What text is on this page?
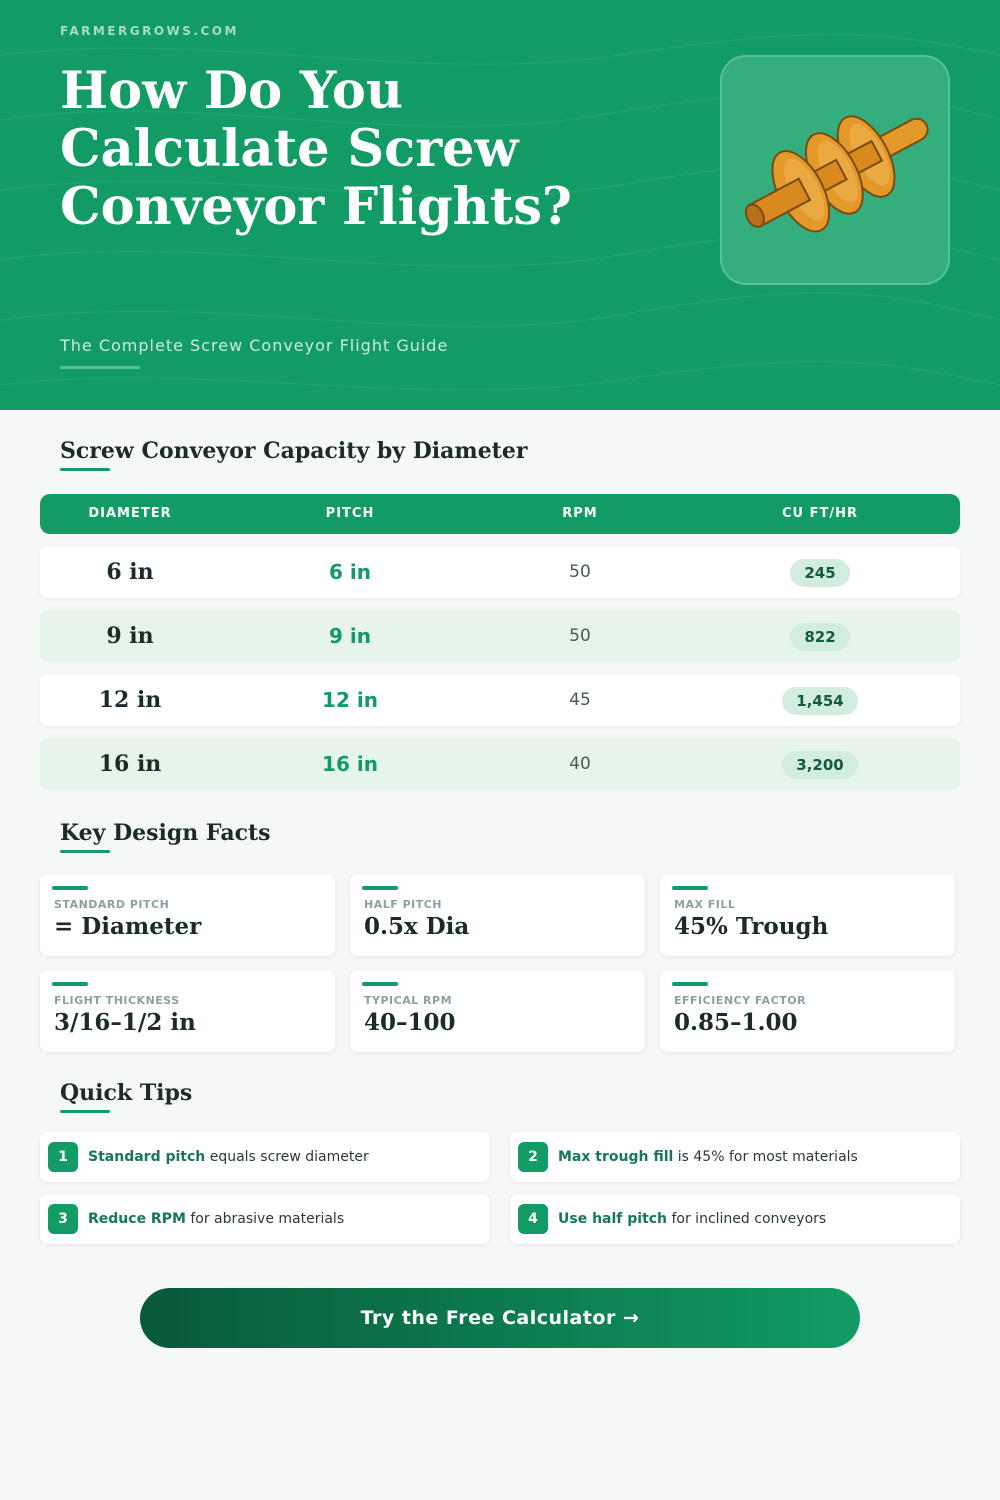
FARMERGROWS.COM
How Do You Calculate Screw Conveyor Flights?
The Complete Screw Conveyor Flight Guide
Screw Conveyor Capacity by Diameter
DIAMETER	PITCH	RPM	CU FT/HR
6 in	6 in	50	245
9 in	9 in	50	822
12 in	12 in	45	1,454
16 in	16 in	40	3,200
Key Design Facts
STANDARD PITCH
= Diameter
HALF PITCH
0.5x Dia
MAX FILL
45% Trough
FLIGHT THICKNESS
3/16–1/2 in
TYPICAL RPM
40–100
EFFICIENCY FACTOR
0.85–1.00
Quick Tips
1	Standard pitch equals screw diameter	2	Max trough fill is 45% for most materials
3	Reduce RPM for abrasive materials	4	Use half pitch for inclined conveyors
Try the Free Calculator →
